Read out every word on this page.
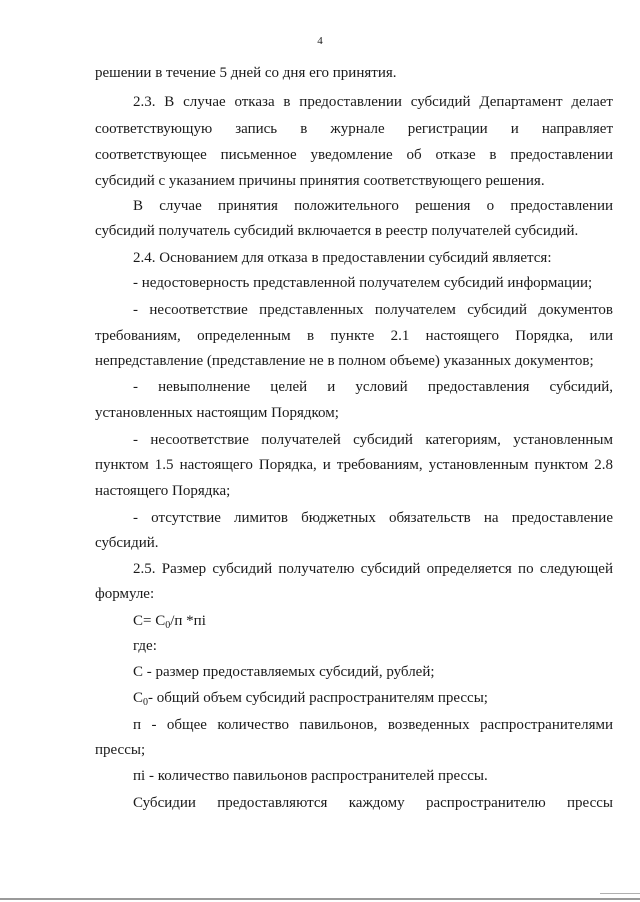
4
решении в течение 5 дней со дня его принятия.
2.3. В случае отказа в предоставлении субсидий Департамент делает
соответствующую запись в журнале регистрации и направляет
соответствующее письменное уведомление об отказе в предоставлении
субсидий с указанием причины принятия соответствующего решения.
В случае принятия положительного решения о предоставлении
субсидий получатель субсидий включается в реестр получателей субсидий.
2.4. Основанием для отказа в предоставлении субсидий является:
- недостоверность представленной получателем субсидий информации;
- несоответствие представленных получателем субсидий документов
требованиям, определенным в пункте 2.1 настоящего Порядка, или
непредставление (представление не в полном объеме) указанных документов;
- невыполнение целей и условий предоставления субсидий,
установленных настоящим Порядком;
- несоответствие получателей субсидий категориям, установленным
пунктом 1.5 настоящего Порядка, и требованиям, установленным пунктом 2.8
настоящего Порядка;
- отсутствие лимитов бюджетных обязательств на предоставление
субсидий.
2.5. Размер субсидий получателю субсидий определяется по следующей
формуле:
$С= С_0/п$ *пi
где:
С - размер предоставляемых субсидий, рублей;
$С_0-$ общий объем субсидий распространителям прессы;
п - общее количество павильонов, возведенных распространителями
прессы;
пi - количество павильонов распространителей прессы.
Субсидии предоставляются каждому распространителю прессы
